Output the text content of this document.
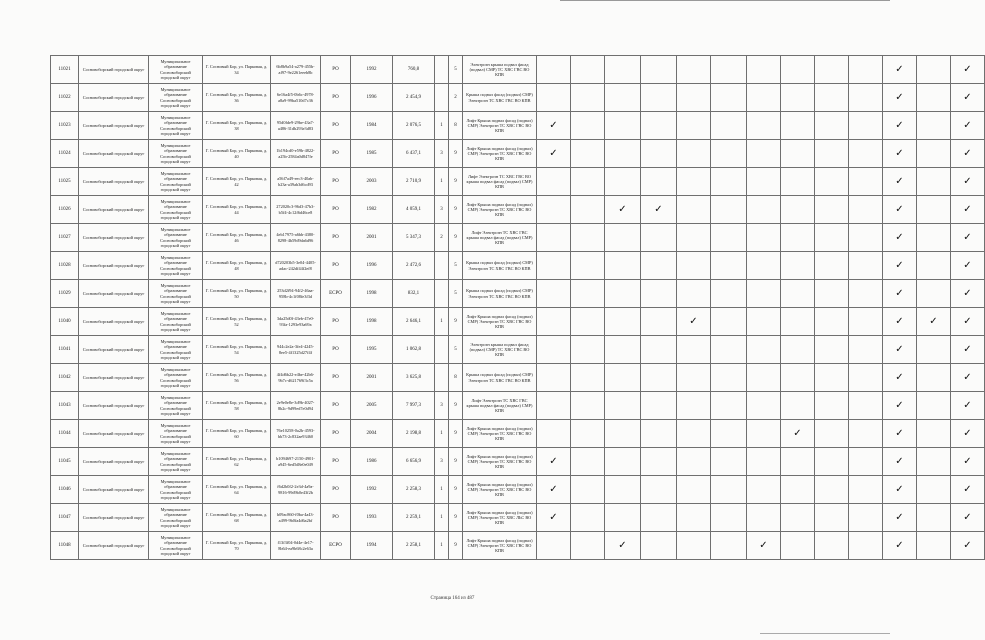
11021	Сосновоборский городской округ	Муниципальное образование Сосновоборский городской округ	Г. Сосновый Бор, ул. Парковая, д. 34	6b8b9a54-a279-455b-af97-9e2261eeeb8b	РО	1992	760,8		5	Электроэн крыша подвал фасад (подвал) СМР) ТС ХВС ГВС ВО КПВ											✓		✓
11022	Сосновоборский городской округ	Муниципальное образование Сосновоборский городской округ	Г. Сосновый Бор, ул. Парковая, д. 36	6e16a4f5-0b6c-4978-a8a9-99ba510d7c36	РО	1996	2 454,9		2	Крыша подвал фасад (подвал) СМР) Электроэн ТС ХВС ГВС ВО КПВ											✓		✓
11023	Сосновоборский городской округ	Муниципальное образование Сосновоборский городской округ	Г. Сосновый Бор, ул. Парковая, д. 38	95d0fde9-29be-43a7-a486-31db293e3d83	РО	1984	2 076,5	1	8	Лифт Крыша подвал фасад (подвал) СМР) Электроэн ТС ХВС ГВС ВО КПВ	✓										✓		✓
11024	Сосновоборский городской округ	Муниципальное образование Сосновоборский городской округ	Г. Сосновый Бор, ул. Парковая, д. 40	1b194cd0-e59b-4822-a25b-2584a0d847fe	РО	1985	6 437,1	3	9	Лифт Крыша подвал фасад (подвал) СМР) Электроэн ТС ХВС ГВС ВО КПВ	✓										✓		✓
11025	Сосновоборский городской округ	Муниципальное образование Сосновоборский городской округ	Г. Сосновый Бор, ул. Парковая, д. 42	a56f7a49-eec3-40ab-b23a-a39ab3d6cd93	РО	2003	2 710,9	1	9	Лифт Электроэн ТС ХВС ГВС ВО крыша подвал фасад (подвал) СМР) КПВ											✓		✓
11026	Сосновоборский городской округ	Муниципальное образование Сосновоборский городской округ	Г. Сосновый Бор, ул. Парковая, д. 44	272020c3-96d3-47b3-b5f4-4c12f6d46ce8	РО	1982	4 059,1	3	9	Лифт Крыша подвал фасад (подвал) СМР) Электроэн ТС ХВС ГВС ВО КПВ			✓	✓							✓		✓
11027	Сосновоборский городской округ	Муниципальное образование Сосновоборский городской округ	Г. Сосновый Бор, ул. Парковая, д. 46	4eb17975-a6bb-4380-8298-4b59d9da6d96	РО	2001	5 347,3	2	9	Лифт Электроэн ТС ХВС ГВС крыша подвал фасад (подвал) СМР) КПВ											✓		✓
11028	Сосновоборский городской округ	Муниципальное образование Сосновоборский городской округ	Г. Сосновый Бор, ул. Парковая, д. 48	d720203b5-3e04-4405-adac-242df44f2ef8	РО	1996	2 472,6		5	Крыша подвал фасад (подвал) СМР) Электроэн ТС ХВС ГВС ВО КПВ											✓		✓
11029	Сосновоборский городской округ	Муниципальное образование Сосновоборский городской округ	Г. Сосновый Бор, ул. Парковая, д. 50	253d2f94-94f2-46aa-958b-4c1f08fe3f3d	ЕСРО	1998	832,1		5	Крыша подвал фасад (подвал) СМР) Электроэн ТС ХВС ГВС ВО КПВ											✓		✓
11040	Сосновоборский городской округ	Муниципальное образование Сосновоборский городской округ	Г. Сосновый Бор, ул. Парковая, д. 52	3da25d0f-43eb-47e0-93fa-1293e93a69a	РО	1998	2 646,1	1	9	Лифт Крыша подвал фасад (подвал) СМР) Электроэн ТС ХВС ГВС ВО КПВ					✓						✓	✓	✓
11041	Сосновоборский городской округ	Муниципальное образование Сосновоборский городской округ	Г. Сосновый Бор, ул. Парковая, д. 54	944c2e2a-3fe4-4245-8ee5-4f1325d27f4f	РО	1995	1 062,8		5	Электроэн крыша подвал фасад (подвал) СМР) ТС ХВС ГВС ВО КПВ											✓		✓
11042	Сосновоборский городской округ	Муниципальное образование Сосновоборский городской округ	Г. Сосновый Бор, ул. Парковая, д. 56	4f4d6b22-e4be-42b6-9b7c-d621769f3c5a	РО	2001	3 625,8		8	Крыша подвал фасад (подвал) СМР) Электроэн ТС ХВС ГВС ВО КПВ											✓		✓
11043	Сосновоборский городской округ	Муниципальное образование Сосновоборский городской округ	Г. Сосновый Бор, ул. Парковая, д. 58	2e9e0e8e-3d9b-4027-8b2c-9d99ed7e0d94	РО	2005	7 997,3	3	9	Лифт Электроэн ТС ХВС ГВС крыша подвал фасад (подвал) СМР) КПВ											✓		✓
11044	Сосновоборский городской округ	Муниципальное образование Сосновоборский городской округ	Г. Сосновый Бор, ул. Парковая, д. 60	76e10258-0a2b-4593-bb73-2c832ae93460	РО	2004	2 198,8	1	9	Лифт Крыша подвал фасад (подвал) СМР) Электроэн ТС ХВС ГВС ВО КПВ								✓			✓		✓
11045	Сосновоборский городской округ	Муниципальное образование Сосновоборский городской округ	Г. Сосновый Бор, ул. Парковая, д. 62	b1094697-2150-4901-a945-6ed5d8e0e049	РО	1986	6 656,9	3	9	Лифт Крыша подвал фасад (подвал) СМР) Электроэн ТС ХВС ГВС ВО КПВ	✓										✓		✓
11046	Сосновоборский городской округ	Муниципальное образование Сосновоборский городской округ	Г. Сосновый Бор, ул. Парковая, д. 64	f6d2b0f2-2e3d-4a9a-9816-99d9b0e43f2b	РО	1992	2 258,3	1	9	Лифт Крыша подвал фасад (подвал) СМР) Электроэн ТС ХВС ГВС ВО КПВ	✓										✓		✓
11047	Сосновоборский городской округ	Муниципальное образование Сосновоборский городской округ	Г. Сосновый Бор, ул. Парковая, д. 68	b09ac860-f0ba-4a43-a499-9b0fa4d6a2bf	РО	1993	2 259,1	1	9	Лифт Крыша подвал фасад (подвал) СМР) Электроэн ТС ХВС ЛЬС ВО КПВ	✓										✓		✓
11048	Сосновоборский городской округ	Муниципальное образование Сосновоборский городской округ	Г. Сосновый Бор, ул. Парковая, д. 70	f13f3f04-0d4e-4e17-8b64-ea9b68c2e63a	ЕСРО	1994	2 258,1	1	9	Лифт Крыша подвал фасад (подвал) СМР) Электроэн ТС ХВС ГВС ВО КПВ			✓				✓				✓		✓
Страница 164 из 487
